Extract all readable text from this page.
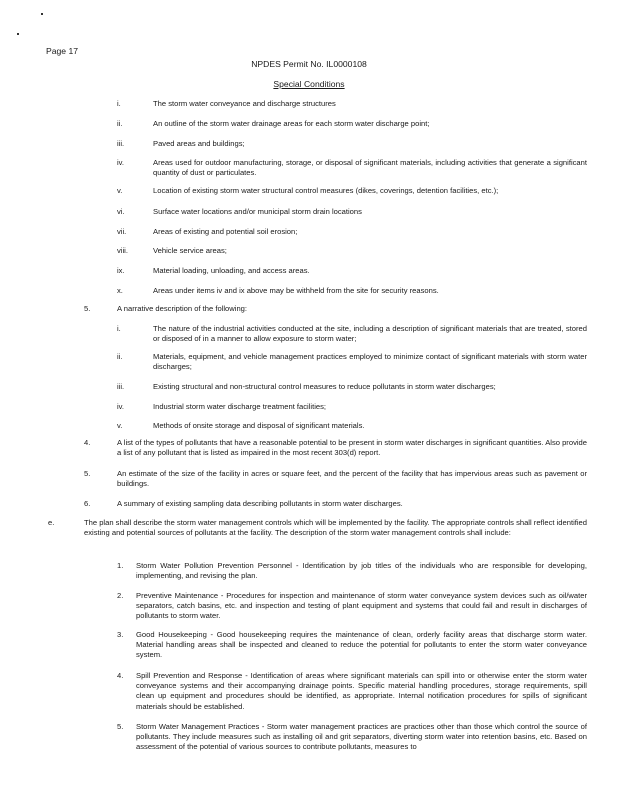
Page 17
NPDES Permit No. IL0000108
Special Conditions
i.	The storm water conveyance and discharge structures
ii.	An outline of the storm water drainage areas for each storm water discharge point;
iii.	Paved areas and buildings;
iv.	Areas used for outdoor manufacturing, storage, or disposal of significant materials, including activities that generate a significant quantity of dust or particulates.
v.	Location of existing storm water structural control measures (dikes, coverings, detention facilities, etc.);
vi.	Surface water locations and/or municipal storm drain locations
vii.	Areas of existing and potential soil erosion;
viii.	Vehicle service areas;
ix.	Material loading, unloading, and access areas.
x.	Areas under items iv and ix above may be withheld from the site for security reasons.
5.	A narrative description of the following:
i.	The nature of the industrial activities conducted at the site, including a description of significant materials that are treated, stored or disposed of in a manner to allow exposure to storm water;
ii.	Materials, equipment, and vehicle management practices employed to minimize contact of significant materials with storm water discharges;
iii.	Existing structural and non-structural control measures to reduce pollutants in storm water discharges;
iv.	Industrial storm water discharge treatment facilities;
v.	Methods of onsite storage and disposal of significant materials.
4.	A list of the types of pollutants that have a reasonable potential to be present in storm water discharges in significant quantities. Also provide a list of any pollutant that is listed as impaired in the most recent 303(d) report.
5.	An estimate of the size of the facility in acres or square feet, and the percent of the facility that has impervious areas such as pavement or buildings.
6.	A summary of existing sampling data describing pollutants in storm water discharges.
e.	The plan shall describe the storm water management controls which will be implemented by the facility. The appropriate controls shall reflect identified existing and potential sources of pollutants at the facility. The description of the storm water management controls shall include:
1. Storm Water Pollution Prevention Personnel - Identification by job titles of the individuals who are responsible for developing, implementing, and revising the plan.
2. Preventive Maintenance - Procedures for inspection and maintenance of storm water conveyance system devices such as oil/water separators, catch basins, etc. and inspection and testing of plant equipment and systems that could fail and result in discharges of pollutants to storm water.
3. Good Housekeeping - Good housekeeping requires the maintenance of clean, orderly facility areas that discharge storm water. Material handling areas shall be inspected and cleaned to reduce the potential for pollutants to enter the storm water conveyance system.
4. Spill Prevention and Response - Identification of areas where significant materials can spill into or otherwise enter the storm water conveyance systems and their accompanying drainage points. Specific material handling procedures, storage requirements, spill clean up equipment and procedures should be identified, as appropriate. Internal notification procedures for spills of significant materials should be established.
5. Storm Water Management Practices - Storm water management practices are practices other than those which control the source of pollutants. They include measures such as installing oil and grit separators, diverting storm water into retention basins, etc. Based on assessment of the potential of various sources to contribute pollutants, measures to
